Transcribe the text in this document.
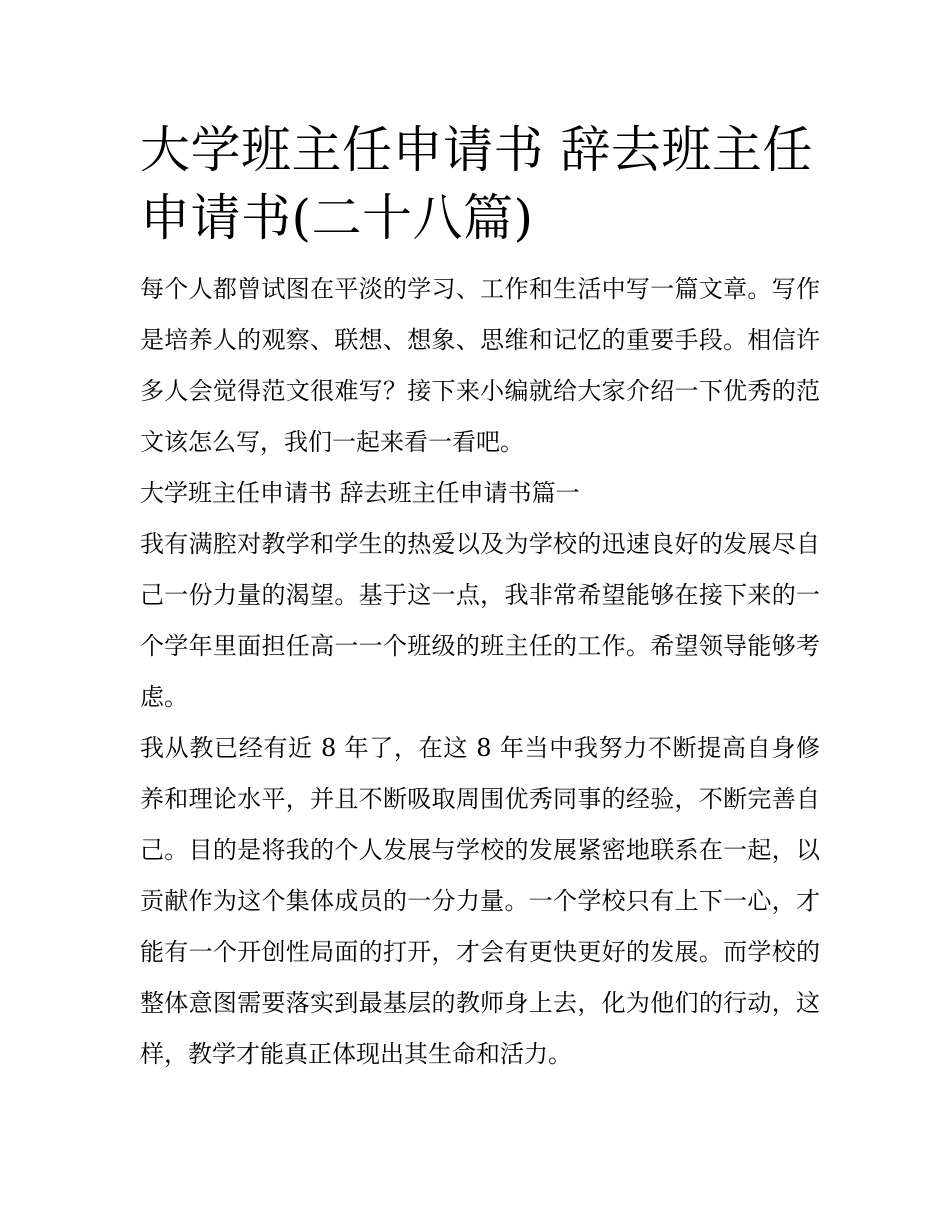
大学班主任申请书 辞去班主任申请书(二十八篇)

每个人都曾试图在平淡的学习、工作和生活中写一篇文章。写作是培养人的观察、联想、想象、思维和记忆的重要手段。相信许多人会觉得范文很难写？接下来小编就给大家介绍一下优秀的范文该怎么写，我们一起来看一看吧。

大学班主任申请书 辞去班主任申请书篇一

我有满腔对教学和学生的热爱以及为学校的迅速良好的发展尽自己一份力量的渴望。基于这一点，我非常希望能够在接下来的一个学年里面担任高一一个班级的班主任的工作。希望领导能够考虑。

我从教已经有近 8 年了，在这 8 年当中我努力不断提高自身修养和理论水平，并且不断吸取周围优秀同事的经验，不断完善自己。目的是将我的个人发展与学校的发展紧密地联系在一起，以贡献作为这个集体成员的一分力量。一个学校只有上下一心，才能有一个开创性局面的打开，才会有更快更好的发展。而学校的整体意图需要落实到最基层的教师身上去，化为他们的行动，这样，教学才能真正体现出其生命和活力。
